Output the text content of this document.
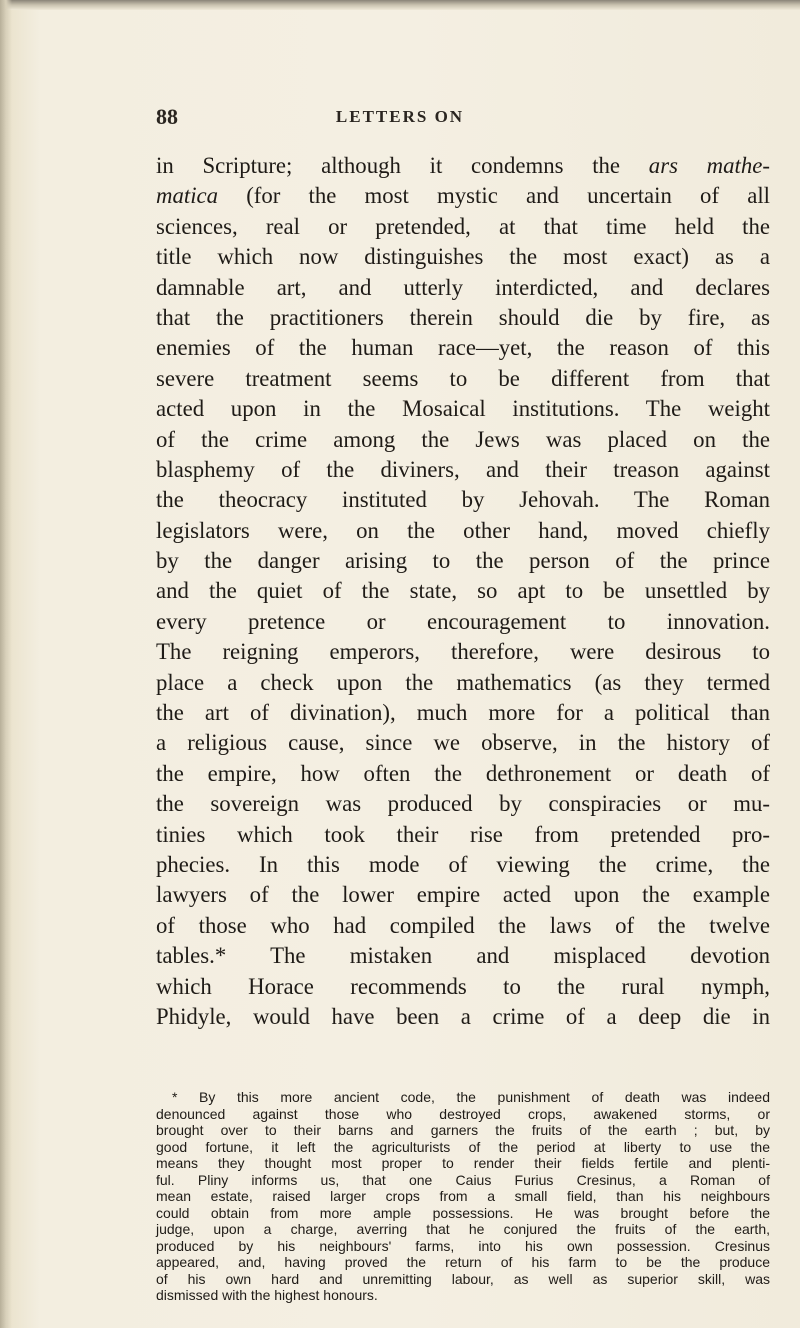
88	LETTERS ON
in Scripture; although it condemns the ars mathe-
matica (for the most mystic and uncertain of all
sciences, real or pretended, at that time held the
title which now distinguishes the most exact) as a
damnable art, and utterly interdicted, and declares
that the practitioners therein should die by fire, as
enemies of the human race—yet, the reason of this
severe treatment seems to be different from that
acted upon in the Mosaical institutions. The weight
of the crime among the Jews was placed on the
blasphemy of the diviners, and their treason against
the theocracy instituted by Jehovah. The Roman
legislators were, on the other hand, moved chiefly
by the danger arising to the person of the prince
and the quiet of the state, so apt to be unsettled by
every pretence or encouragement to innovation.
The reigning emperors, therefore, were desirous to
place a check upon the mathematics (as they termed
the art of divination), much more for a political than
a religious cause, since we observe, in the history of
the empire, how often the dethronement or death of
the sovereign was produced by conspiracies or mu-
tinies which took their rise from pretended pro-
phecies. In this mode of viewing the crime, the
lawyers of the lower empire acted upon the example
of those who had compiled the laws of the twelve
tables.* The mistaken and misplaced devotion
which Horace recommends to the rural nymph,
Phidyle, would have been a crime of a deep die in
* By this more ancient code, the punishment of death was indeed
denounced against those who destroyed crops, awakened storms, or
brought over to their barns and garners the fruits of the earth ; but, by
good fortune, it left the agriculturists of the period at liberty to use the
means they thought most proper to render their fields fertile and plenti-
ful. Pliny informs us, that one Caius Furius Cresinus, a Roman of
mean estate, raised larger crops from a small field, than his neighbours
could obtain from more ample possessions. He was brought before the
judge, upon a charge, averring that he conjured the fruits of the earth,
produced by his neighbours' farms, into his own possession. Cresinus
appeared, and, having proved the return of his farm to be the produce
of his own hard and unremitting labour, as well as superior skill, was
dismissed with the highest honours.
